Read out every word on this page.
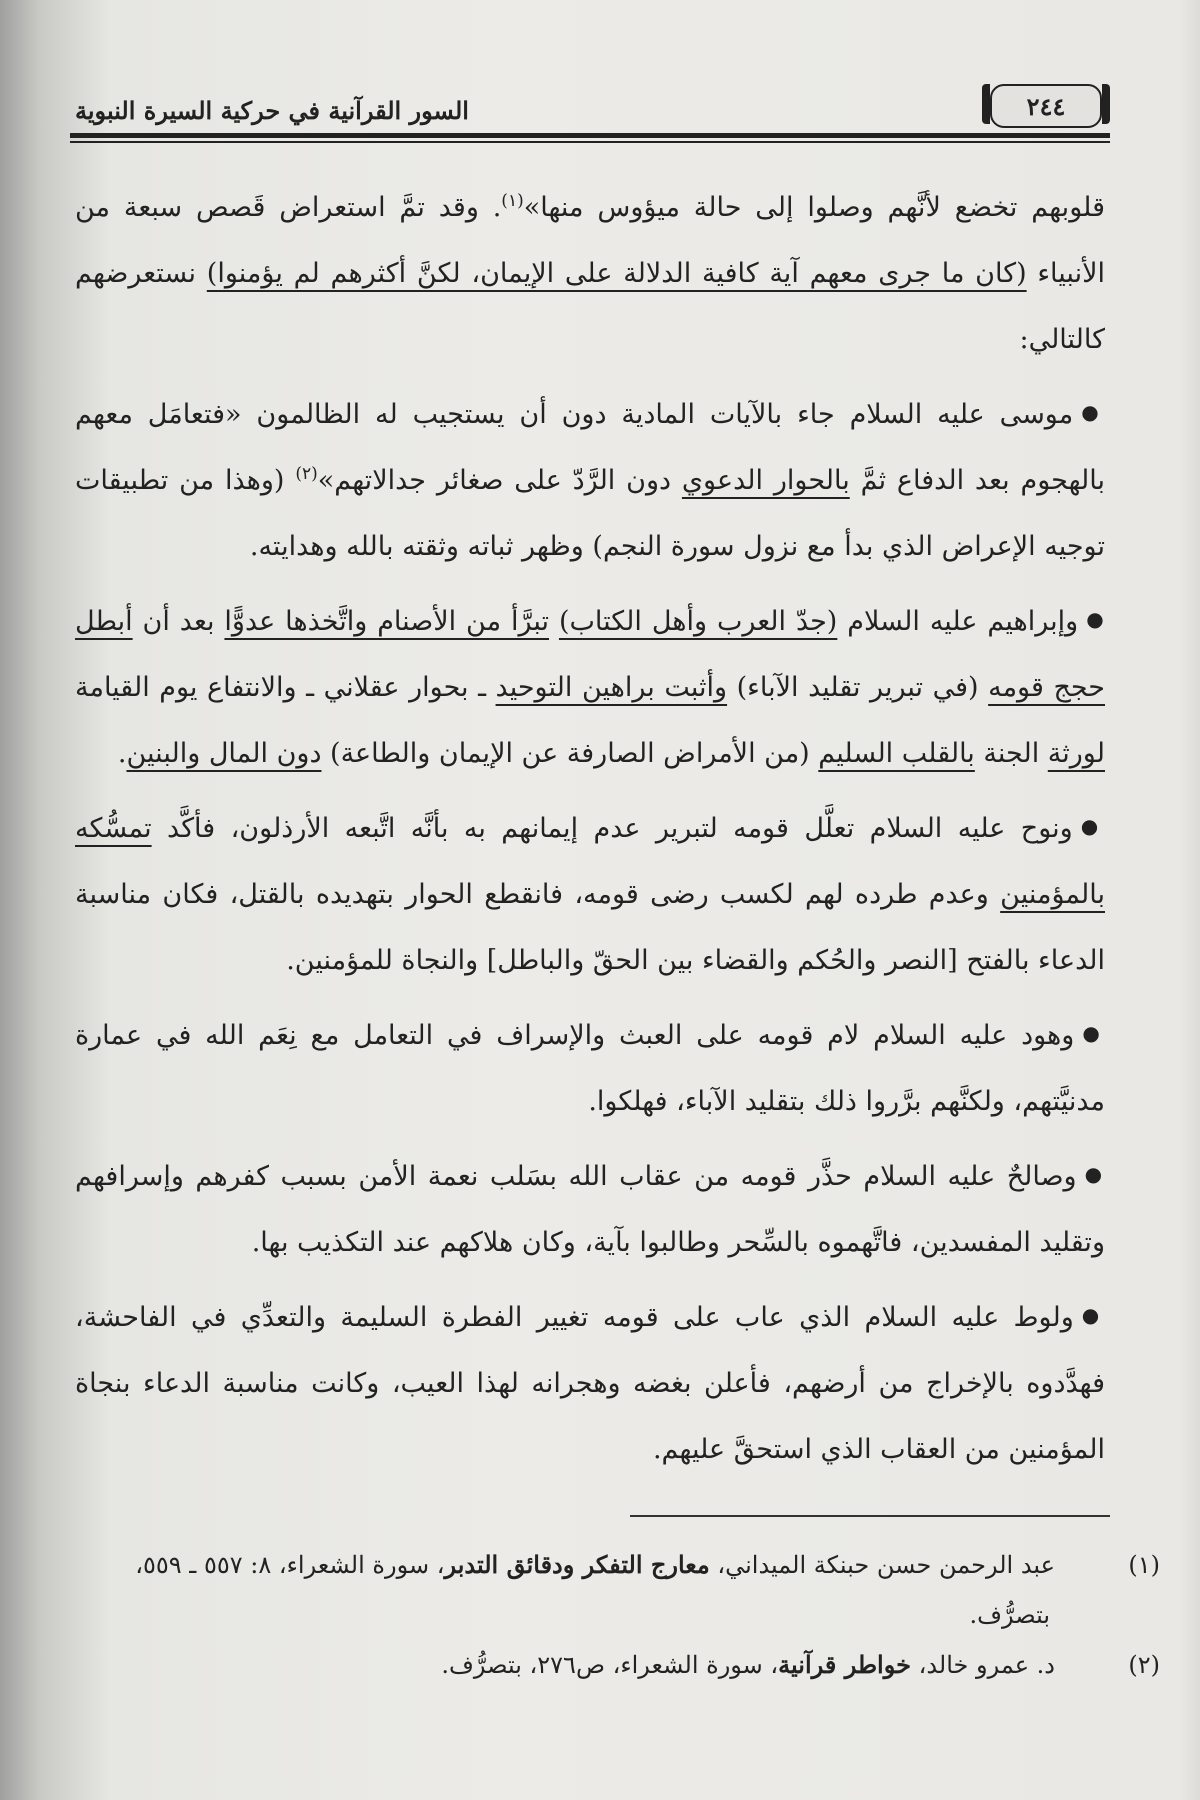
٢٤٤
السور القرآنية في حركية السيرة النبوية

قلوبهم تخضع لأنَّهم وصلوا إلى حالة ميؤوس منها»$^{(١)}$. وقد تمَّ استعراض قَصص سبعة من الأنبياء (كان ما جرى معهم آية كافية الدلالة على الإيمان، لكنَّ أكثرهم لم يؤمنوا) نستعرضهم كالتالي:

●موسى عليه السلام جاء بالآيات المادية دون أن يستجيب له الظالمون «فتعامَل معهم بالهجوم بعد الدفاع ثمَّ بالحوار الدعوي دون الرَّدّ على صغائر جدالاتهم»$^{(٢)}$ (وهذا من تطبيقات توجيه الإعراض الذي بدأ مع نزول سورة النجم) وظهر ثباته وثقته بالله وهدايته.

●وإبراهيم عليه السلام (جدّ العرب وأهل الكتاب) تبرَّأ من الأصنام واتَّخذها عدوًّا بعد أن أبطل حجج قومه (في تبرير تقليد الآباء) وأثبت براهين التوحيد ـ بحوار عقلاني ـ والانتفاع يوم القيامة لورثة الجنة بالقلب السليم (من الأمراض الصارفة عن الإيمان والطاعة) دون المال والبنين.

●ونوح عليه السلام تعلَّل قومه لتبرير عدم إيمانهم به بأنَّه اتَّبعه الأرذلون، فأكَّد تمسُّكه بالمؤمنين وعدم طرده لهم لكسب رضى قومه، فانقطع الحوار بتهديده بالقتل، فكان مناسبة الدعاء بالفتح [النصر والحُكم والقضاء بين الحقّ والباطل] والنجاة للمؤمنين.

●وهود عليه السلام لام قومه على العبث والإسراف في التعامل مع نِعَم الله في عمارة مدنيَّتهم، ولكنَّهم برَّروا ذلك بتقليد الآباء، فهلكوا.

●وصالحٌ عليه السلام حذَّر قومه من عقاب الله بسَلب نعمة الأمن بسبب كفرهم وإسرافهم وتقليد المفسدين، فاتَّهموه بالسِّحر وطالبوا بآية، وكان هلاكهم عند التكذيب بها.

●ولوط عليه السلام الذي عاب على قومه تغيير الفطرة السليمة والتعدِّي في الفاحشة، فهدَّدوه بالإخراج من أرضهم، فأعلن بغضه وهجرانه لهذا العيب، وكانت مناسبة الدعاء بنجاة المؤمنين من العقاب الذي استحقَّ عليهم.

(١)عبد الرحمن حسن حبنكة الميداني، معارج التفكر ودقائق التدبر، سورة الشعراء، ٨: ٥٥٧ ـ ٥٥٩، بتصرُّف.
(٢)د. عمرو خالد، خواطر قرآنية، سورة الشعراء، ص٢٧٦، بتصرُّف.
